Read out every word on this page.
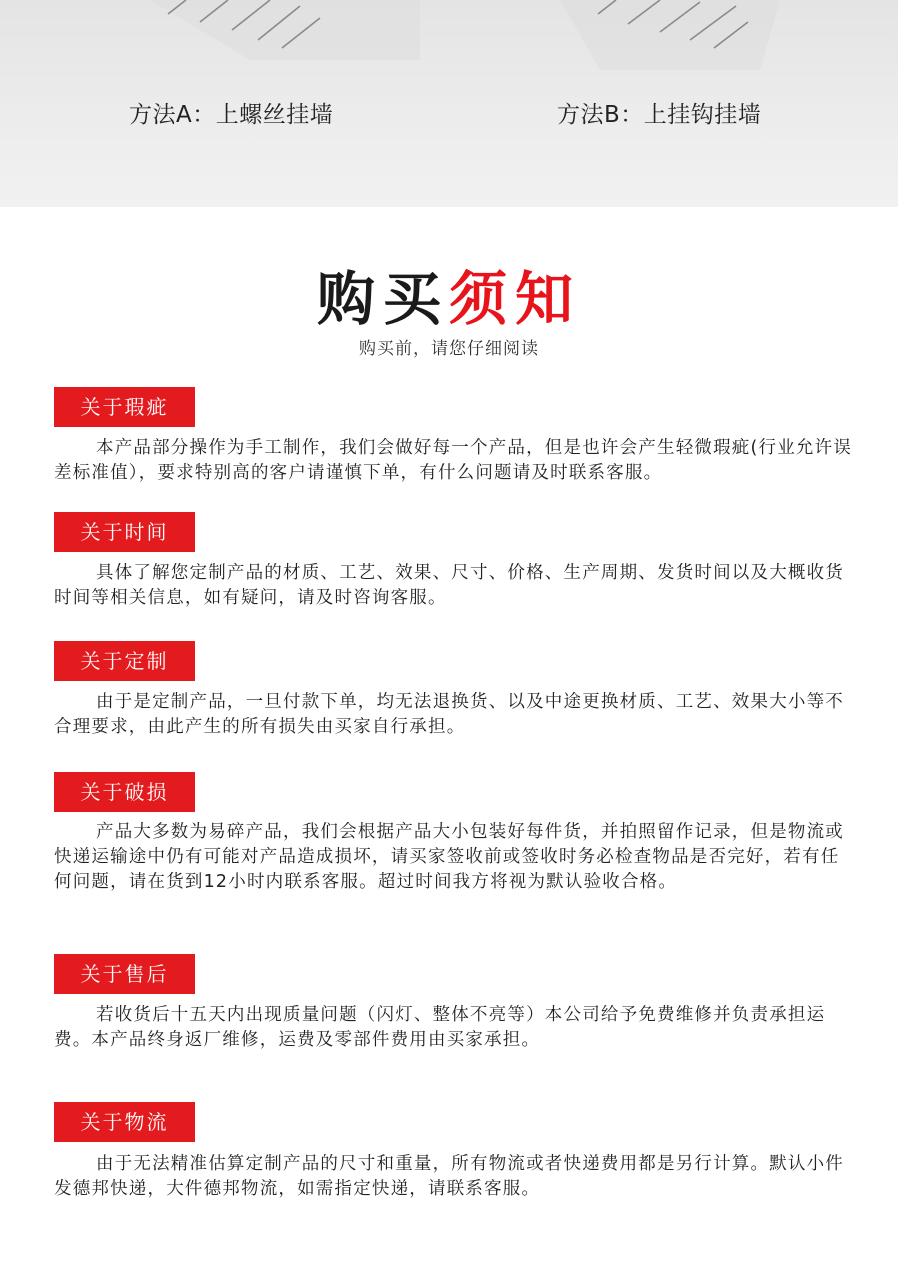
方法A：上螺丝挂墙	方法B：上挂钩挂墙
购买须知
购买前，请您仔细阅读
关于瑕疵

本产品部分操作为手工制作，我们会做好每一个产品，但是也许会产生轻微瑕疵(行业允许误差标准值），要求特别高的客户请谨慎下单，有什么问题请及时联系客服。

关于时间

具体了解您定制产品的材质、工艺、效果、尺寸、价格、生产周期、发货时间以及大概收货时间等相关信息，如有疑问，请及时咨询客服。

关于定制

由于是定制产品，一旦付款下单，均无法退换货、以及中途更换材质、工艺、效果大小等不合理要求，由此产生的所有损失由买家自行承担。

关于破损

产品大多数为易碎产品，我们会根据产品大小包装好每件货，并拍照留作记录，但是物流或快递运输途中仍有可能对产品造成损坏，请买家签收前或签收时务必检查物品是否完好，若有任何问题，请在货到12小时内联系客服。超过时间我方将视为默认验收合格。

关于售后

若收货后十五天内出现质量问题（闪灯、整体不亮等）本公司给予免费维修并负责承担运费。本产品终身返厂维修，运费及零部件费用由买家承担。

关于物流

由于无法精准估算定制产品的尺寸和重量，所有物流或者快递费用都是另行计算。默认小件发德邦快递，大件德邦物流，如需指定快递，请联系客服。
